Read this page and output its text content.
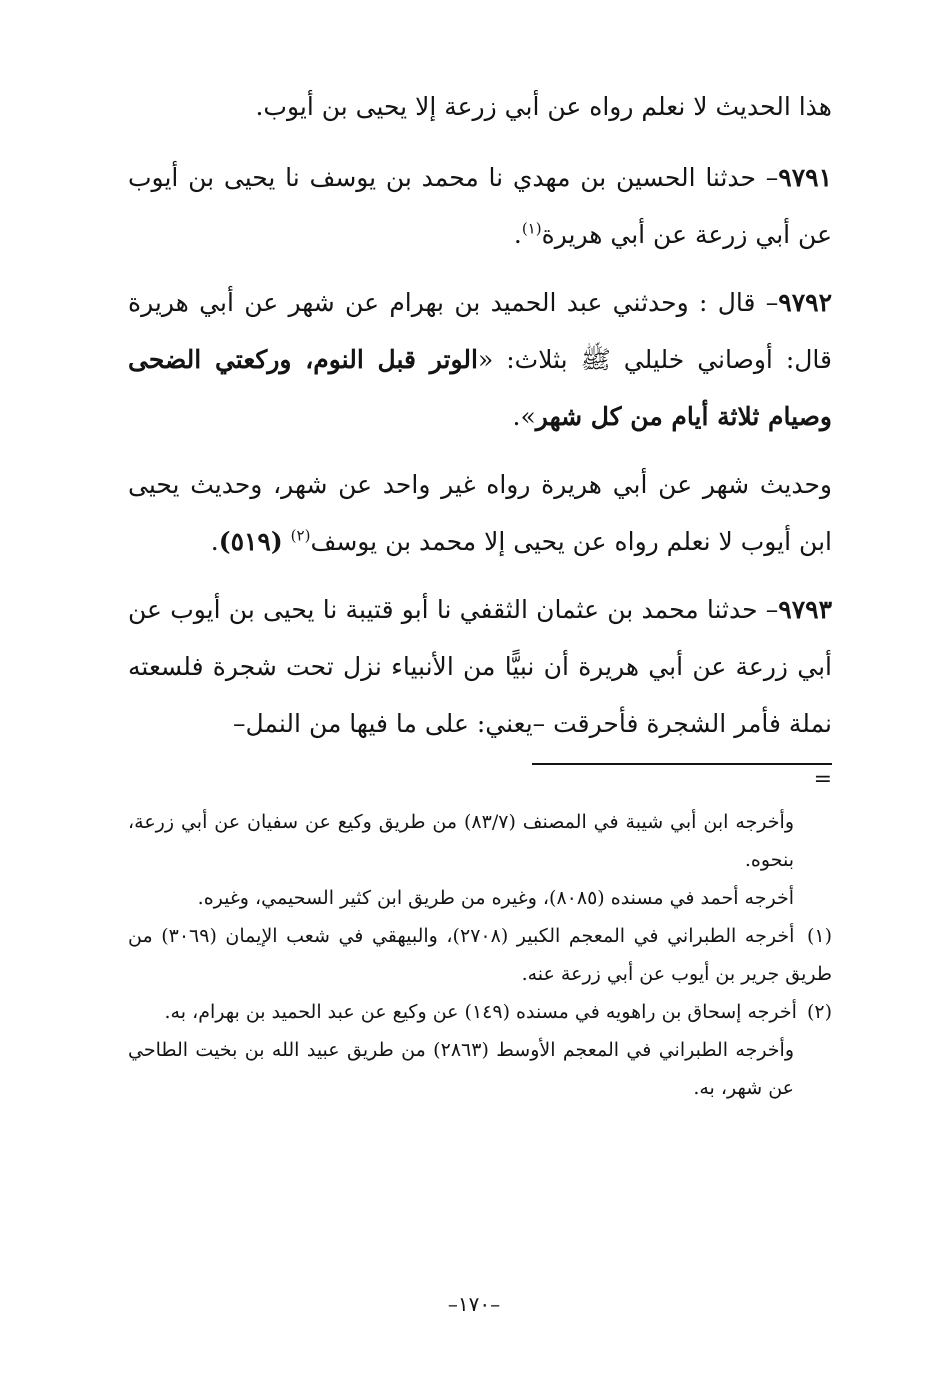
هذا الحديث لا نعلم رواه عن أبي زرعة إلا يحيى بن أيوب.

٩٧٩١– حدثنا الحسين بن مهدي نا محمد بن يوسف نا يحيى بن أيوب عن أبي زرعة عن أبي هريرة$^{(١)}$.

٩٧٩٢– قال : وحدثني عبد الحميد بن بهرام عن شهر عن أبي هريرة قال: أوصاني خليلي ﷺ بثلاث: «الوتر قبل النوم، وركعتي الضحى وصيام ثلاثة أيام من كل شهر».

وحديث شهر عن أبي هريرة رواه غير واحد عن شهر، وحديث يحيى ابن أيوب لا نعلم رواه عن يحيى إلا محمد بن يوسف$^{(٢)}$ (٥١٩).

٩٧٩٣– حدثنا محمد بن عثمان الثقفي نا أبو قتيبة نا يحيى بن أيوب عن أبي زرعة عن أبي هريرة أن نبيًّا من الأنبياء نزل تحت شجرة فلسعته نملة فأمر الشجرة فأحرقت –يعني: على ما فيها من النمل–

=

وأخرجه ابن أبي شيبة في المصنف (٨٣/٧) من طريق وكيع عن سفيان عن أبي زرعة، بنحوه.

أخرجه أحمد في مسنده (٨٠٨٥)، وغيره من طريق ابن كثير السحيمي، وغيره.

(١) أخرجه الطبراني في المعجم الكبير (٢٧٠٨)، والبيهقي في شعب الإيمان (٣٠٦٩) من طريق جرير بن أيوب عن أبي زرعة عنه.

(٢) أخرجه إسحاق بن راهويه في مسنده (١٤٩) عن وكيع عن عبد الحميد بن بهرام، به.

وأخرجه الطبراني في المعجم الأوسط (٢٨٦٣) من طريق عبيد الله بن بخيت الطاحي عن شهر، به.

–١٧٠–
